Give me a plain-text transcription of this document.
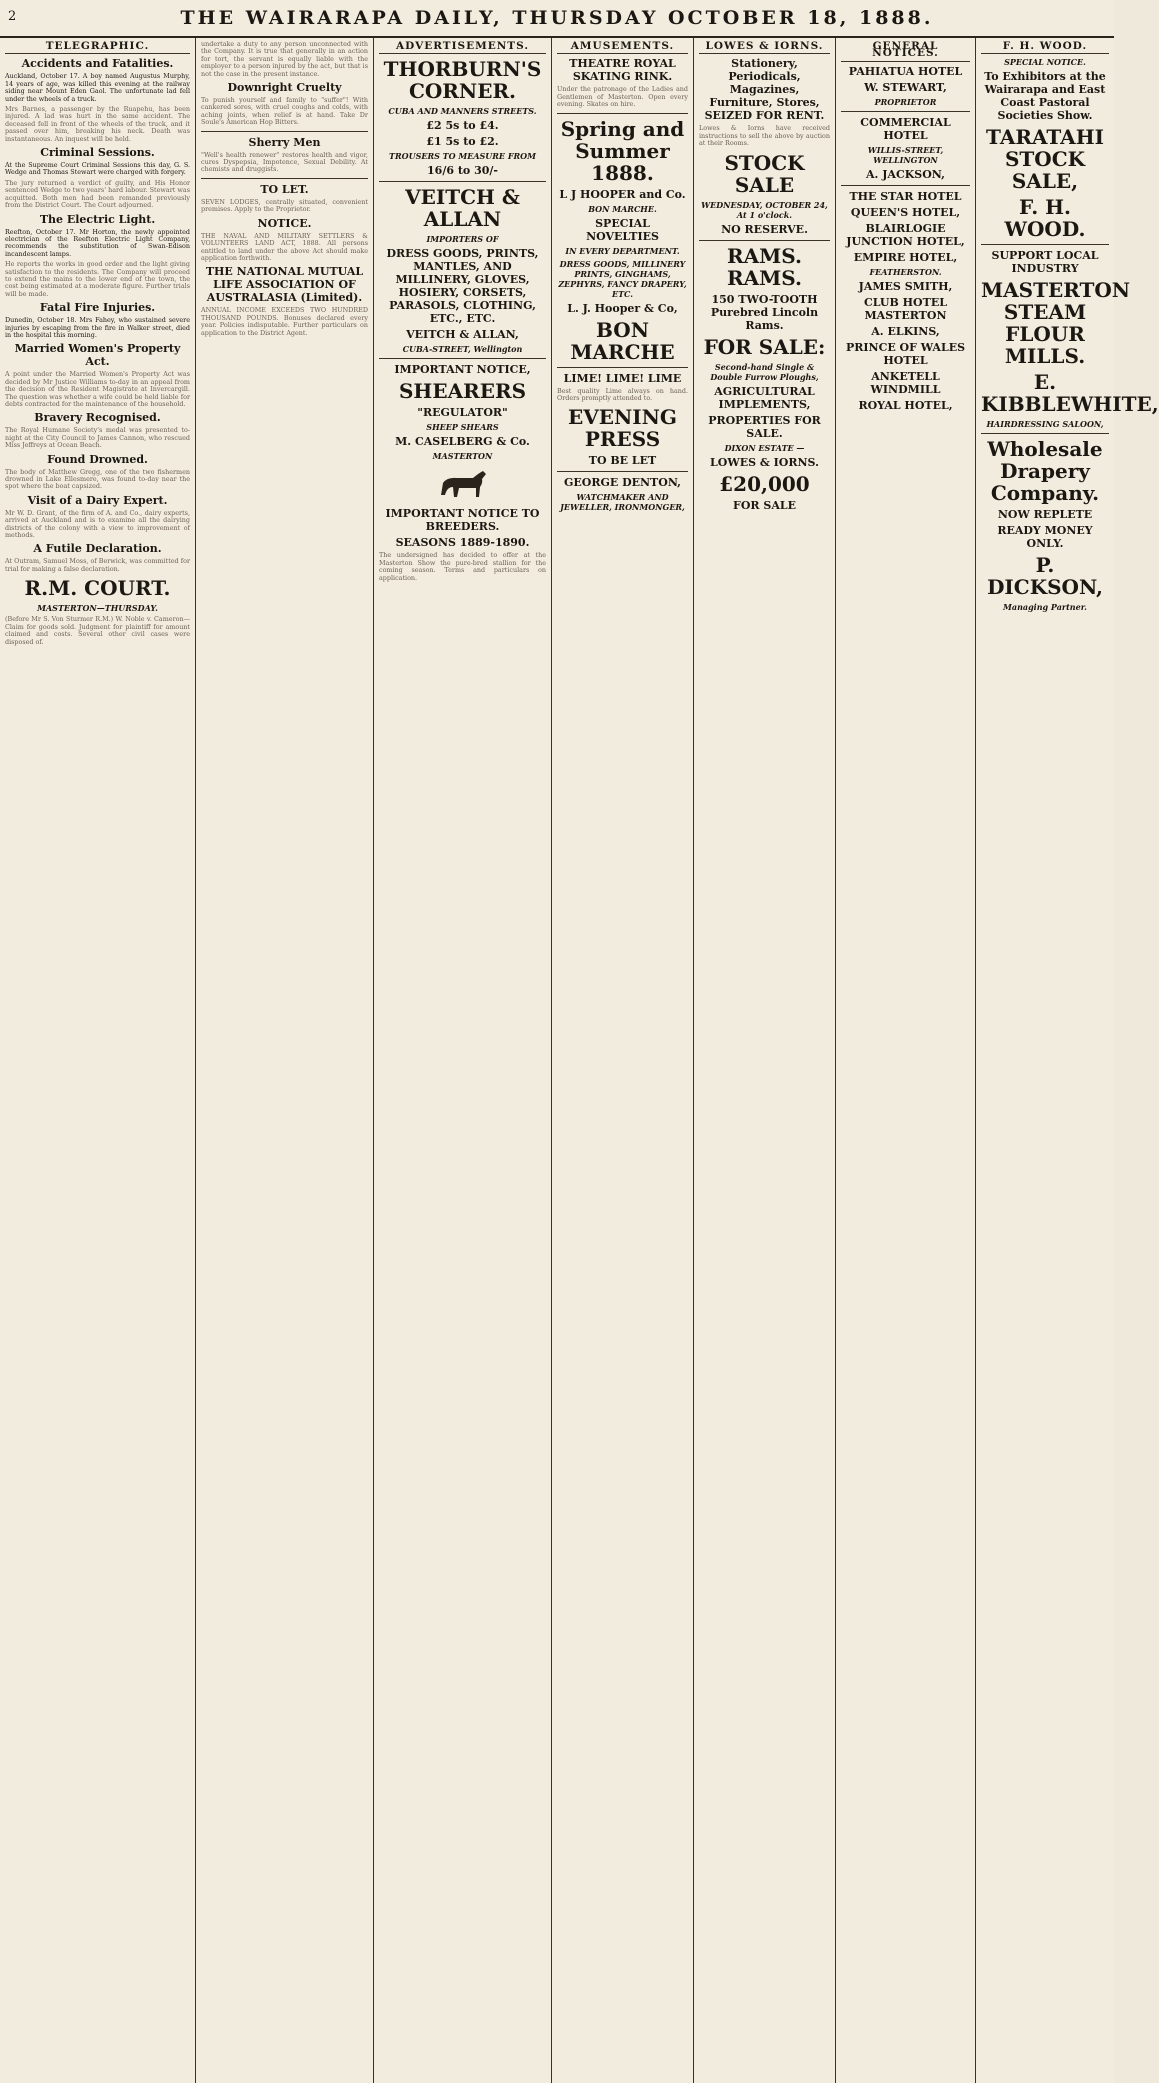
2	THE WAIRARAPA DAILY, THURSDAY OCTOBER 18, 1888.
TELEGRAPHIC.
Accidents and Fatalities.

Auckland, October 17. A boy named Augustus Murphy, 14 years of age, was killed this evening at the railway siding near Mount Eden Gaol. The unfortunate lad fell under the wheels of a truck.

Mrs Barnes, a passenger by the Ruapehu, has been injured. A lad was hurt in the same accident. The deceased fell in front of the wheels of the truck, and it passed over him, breaking his neck. Death was instantaneous. An inquest will be held.

Criminal Sessions.

At the Supreme Court Criminal Sessions this day, G. S. Wedge and Thomas Stewart were charged with forgery.

The jury returned a verdict of guilty, and His Honor sentenced Wedge to two years' hard labour. Stewart was acquitted. Both men had been remanded previously from the District Court. The Court adjourned.

The Electric Light.

Reefton, October 17. Mr Horton, the newly appointed electrician of the Reefton Electric Light Company, recommends the substitution of Swan-Edison incandescent lamps.

He reports the works in good order and the light giving satisfaction to the residents. The Company will proceed to extend the mains to the lower end of the town, the cost being estimated at a moderate figure. Further trials will be made.

Fatal Fire Injuries.

Dunedin, October 18. Mrs Fahey, who sustained severe injuries by escaping from the fire in Walker street, died in the hospital this morning.

Married Women's Property Act.

A point under the Married Women's Property Act was decided by Mr Justice Williams to-day in an appeal from the decision of the Resident Magistrate at Invercargill. The question was whether a wife could be held liable for debts contracted for the maintenance of the household.

Bravery Recognised.

The Royal Humane Society's medal was presented to-night at the City Council to James Cannon, who rescued Miss Jeffreys at Ocean Beach.

Found Drowned.

The body of Matthew Gregg, one of the two fishermen drowned in Lake Ellesmere, was found to-day near the spot where the boat capsized.

Visit of a Dairy Expert.

Mr W. D. Grant, of the firm of A. and Co., dairy experts, arrived at Auckland and is to examine all the dairying districts of the colony with a view to improvement of methods.

A Futile Declaration.

At Outram, Samuel Moss, of Berwick, was committed for trial for making a false declaration.

R.M. COURT.
MASTERTON—THURSDAY.

(Before Mr S. Von Sturmer R.M.) W. Noble v. Cameron—Claim for goods sold. Judgment for plaintiff for amount claimed and costs. Several other civil cases were disposed of.

undertake a duty to any person unconnected with the Company. It is true that generally in an action for tort, the servant is equally liable with the employer to a person injured by the act, but that is not the case in the present instance.

Downright Cruelty

To punish yourself and family to "suffer"! With cankered sores, with cruel coughs and colds, with aching joints, when relief is at hand. Take Dr Soule's American Hop Bitters.

Sherry Men

"Well's health renewer" restores health and vigor, cures Dyspepsia, Impotence, Sexual Debility. At chemists and druggists.

TO LET.

SEVEN LODGES, centrally situated, convenient premises. Apply to the Proprietor.

NOTICE.

THE NAVAL AND MILITARY SETTLERS & VOLUNTEERS LAND ACT, 1888. All persons entitled to land under the above Act should make application forthwith.

THE NATIONAL MUTUAL LIFE ASSOCIATION OF AUSTRALASIA (Limited).

ANNUAL INCOME EXCEEDS TWO HUNDRED THOUSAND POUNDS. Bonuses declared every year. Policies indisputable. Further particulars on application to the District Agent.

ADVERTISEMENTS.
THORBURN'S CORNER.
CUBA AND MANNERS STREETS.
£2 5s to £4.
£1 5s to £2.
TROUSERS TO MEASURE FROM
16/6 to 30/-
VEITCH & ALLAN
IMPORTERS OF
DRESS GOODS, PRINTS, MANTLES, AND MILLINERY, GLOVES, HOSIERY, CORSETS, PARASOLS, CLOTHING, ETC., ETC.
VEITCH & ALLAN,
CUBA-STREET, Wellington
IMPORTANT NOTICE,
SHEARERS
"REGULATOR"
SHEEP SHEARS
M. CASELBERG & Co.
MASTERTON
IMPORTANT NOTICE TO BREEDERS.
SEASONS 1889-1890.

The undersigned has decided to offer at the Masterton Show the pure-bred stallion for the coming season. Terms and particulars on application.

AMUSEMENTS.
THEATRE ROYAL SKATING RINK.

Under the patronage of the Ladies and Gentlemen of Masterton. Open every evening. Skates on hire.

Spring and Summer 1888.
L J HOOPER and Co.
BON MARCHE.
SPECIAL NOVELTIES
IN EVERY DEPARTMENT.
DRESS GOODS, MILLINERY PRINTS, GINGHAMS, ZEPHYRS, FANCY DRAPERY, ETC.
L. J. Hooper & Co,
BON MARCHE
LIME! LIME! LIME

Best quality Lime always on hand. Orders promptly attended to.

EVENING PRESS
TO BE LET
GEORGE DENTON,
WATCHMAKER AND JEWELLER, IRONMONGER,
LOWES & IORNS.
Stationery, Periodicals, Magazines, Furniture, Stores, SEIZED FOR RENT.

Lowes & Iorns have received instructions to sell the above by auction at their Rooms.

STOCK SALE
WEDNESDAY, OCTOBER 24, At 1 o'clock.
NO RESERVE.
RAMS. RAMS.
150 TWO-TOOTH Purebred Lincoln Rams.
FOR SALE:
Second-hand Single & Double Furrow Ploughs,
AGRICULTURAL IMPLEMENTS,
PROPERTIES FOR SALE.
DIXON ESTATE —
LOWES & IORNS.
£20,000
FOR SALE
GENERAL NOTICES.
PAHIATUA HOTEL
W. STEWART,
PROPRIETOR
COMMERCIAL HOTEL
WILLIS-STREET, WELLINGTON
A. JACKSON,
THE STAR HOTEL
QUEEN'S HOTEL,
BLAIRLOGIE JUNCTION HOTEL,
EMPIRE HOTEL,
FEATHERSTON.
JAMES SMITH,
CLUB HOTEL MASTERTON
A. ELKINS,
PRINCE OF WALES HOTEL
ANKETELL WINDMILL
ROYAL HOTEL,
F. H. WOOD.
SPECIAL NOTICE.
To Exhibitors at the Wairarapa and East Coast Pastoral Societies Show.
TARATAHI STOCK SALE,
F. H. WOOD.
SUPPORT LOCAL INDUSTRY
MASTERTON STEAM FLOUR MILLS.
E. KIBBLEWHITE,
HAIRDRESSING SALOON,
Wholesale Drapery Company.
NOW REPLETE
READY MONEY ONLY.
P. DICKSON,
Managing Partner.
